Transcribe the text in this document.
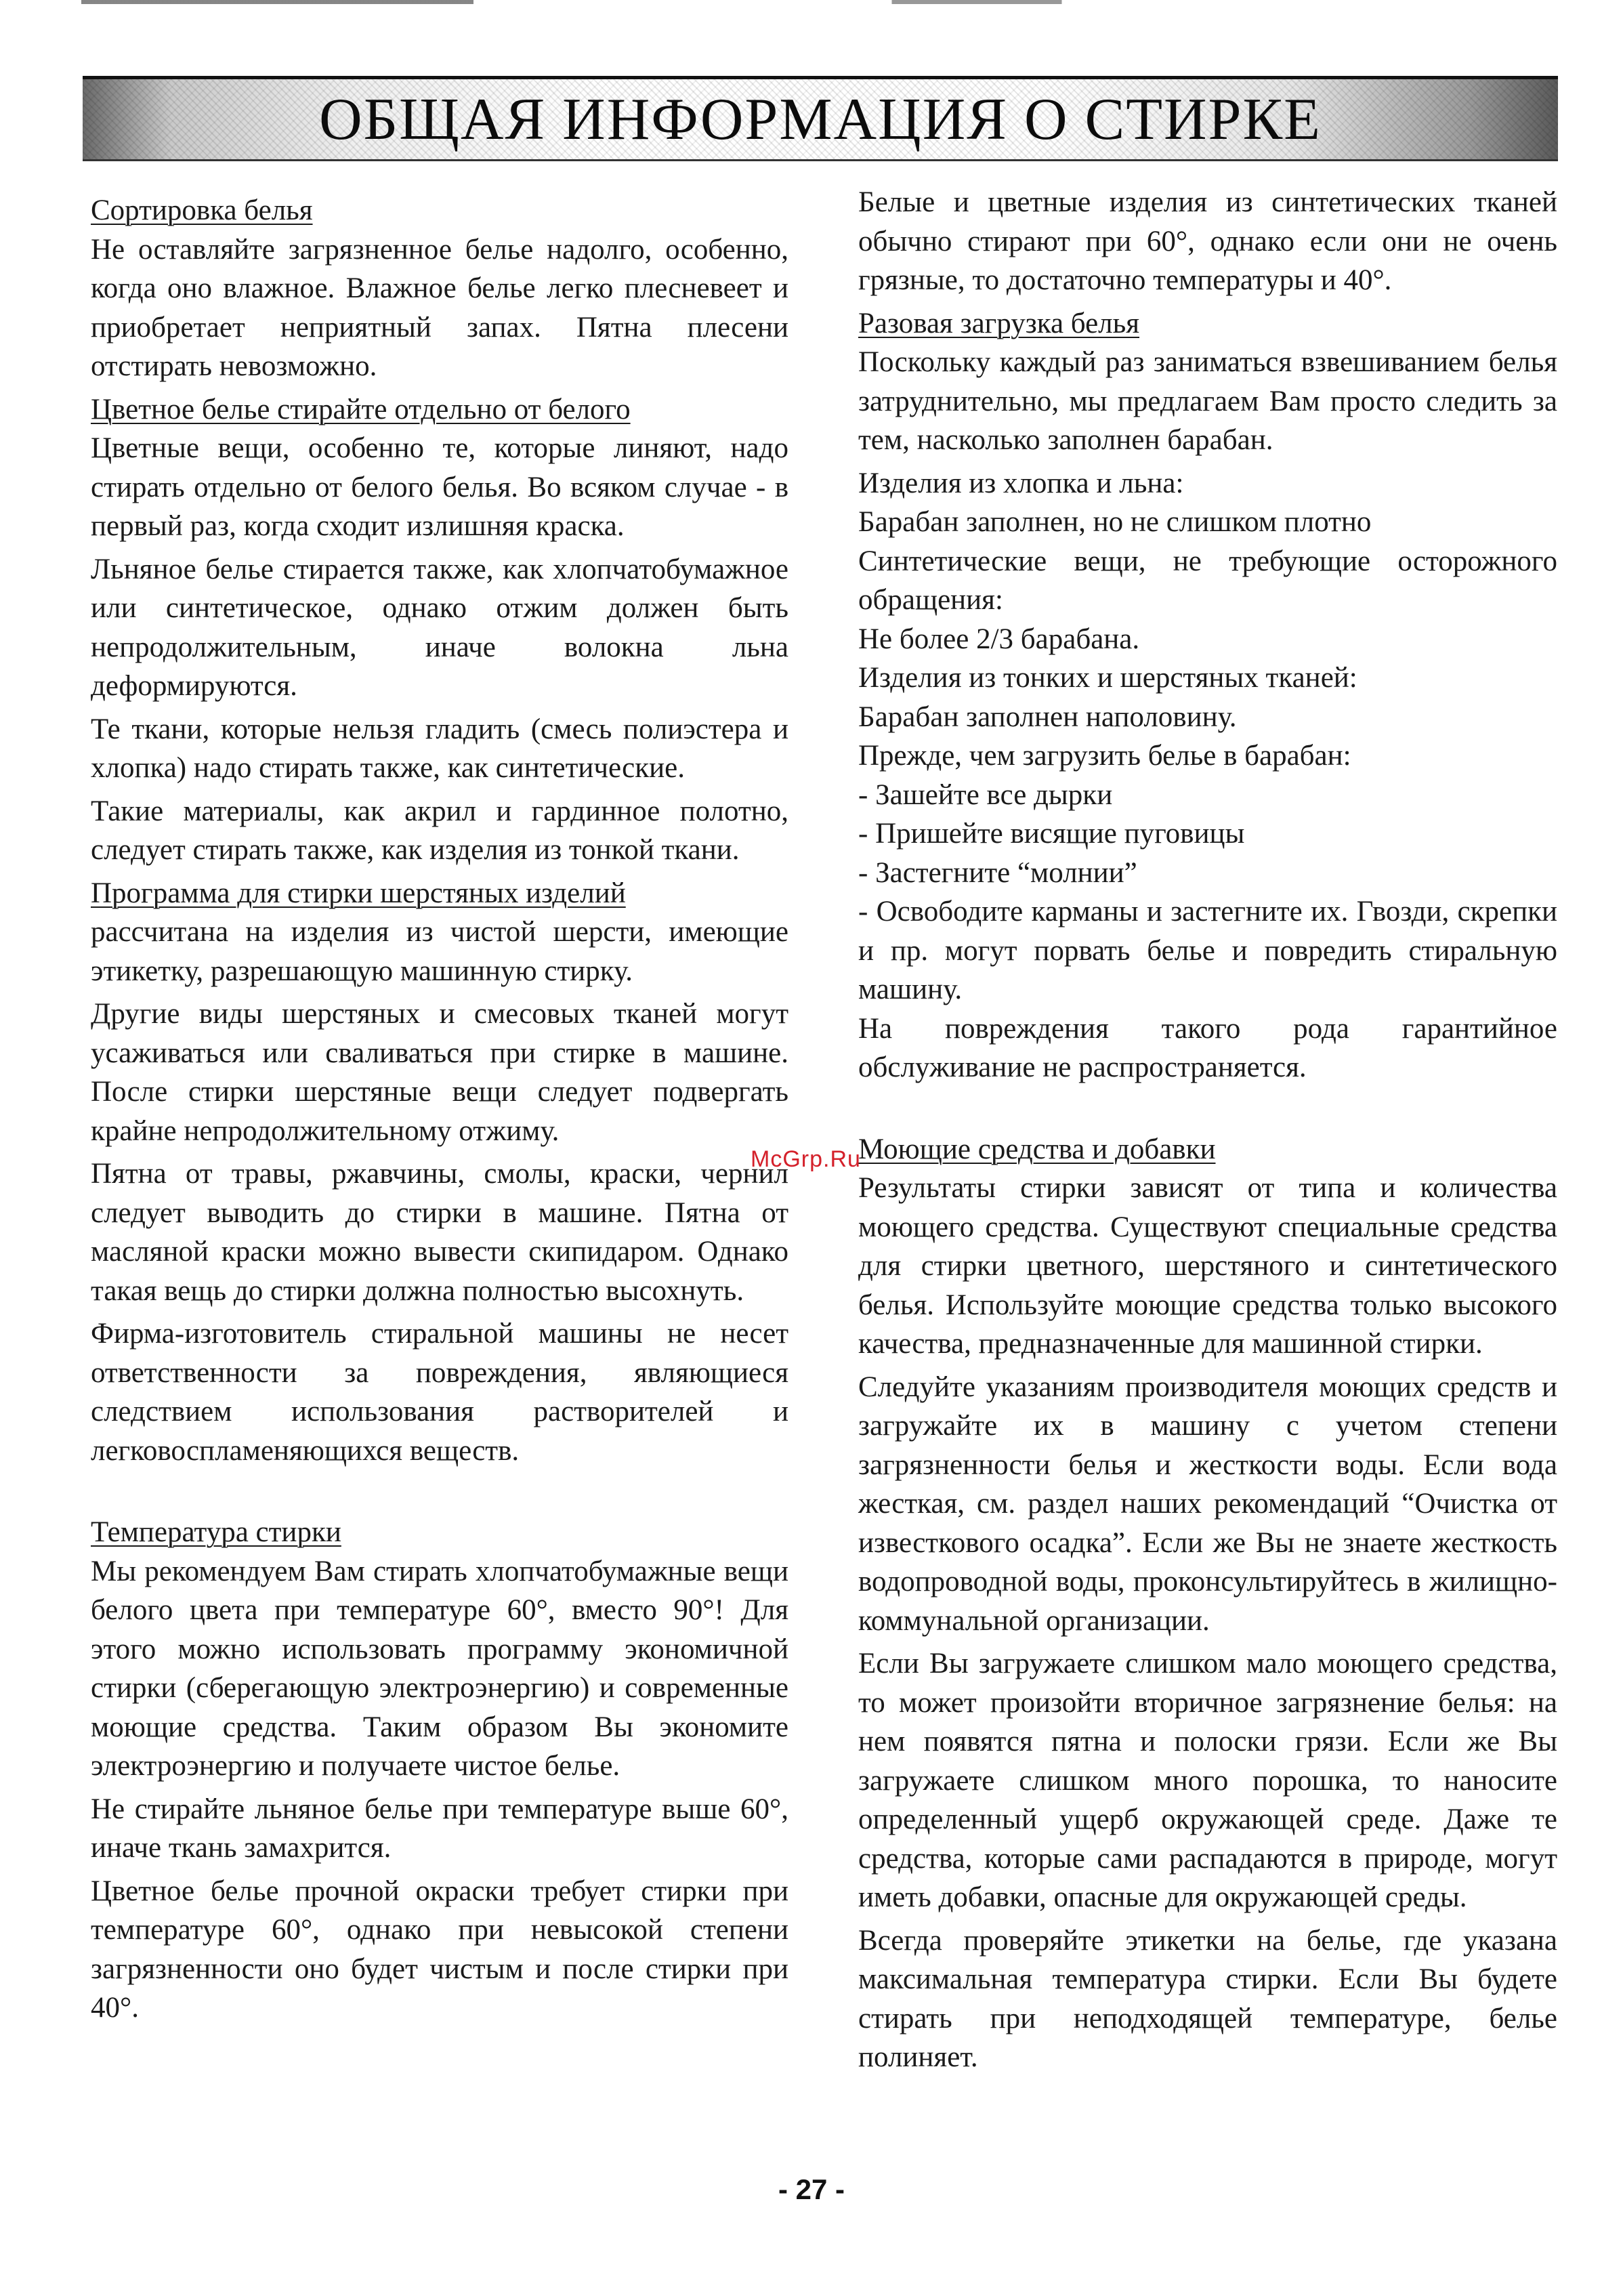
ОБЩАЯ ИНФОРМАЦИЯ О СТИРКЕ

Сортировка белья

Не оставляйте загрязненное белье надолго, особенно, когда оно влажное. Влажное белье легко плесневеет и приобретает неприятный запах. Пятна плесени отстирать невозможно.

Цветное белье стирайте отдельно от белого

Цветные вещи, особенно те, которые линяют, надо стирать отдельно от белого белья. Во всяком случае - в первый раз, когда сходит излишняя краска.

Льняное белье стирается также, как хлопчатобумажное или синтетическое, однако отжим должен быть непродолжительным, иначе волокна льна деформируются.

Те ткани, которые нельзя гладить (смесь полиэстера и хлопка) надо стирать также, как синтетические.

Такие материалы, как акрил и гардинное полотно, следует стирать также, как изделия из тонкой ткани.

Программа для стирки шерстяных изделий

рассчитана на изделия из чистой шерсти, имеющие этикетку, разрешающую машинную стирку.

Другие виды шерстяных и смесовых тканей могут усаживаться или сваливаться при стирке в машине. После стирки шерстяные вещи следует подвергать крайне непродолжительному отжиму.

Пятна от травы, ржавчины, смолы, краски, чернил следует выводить до стирки в машине. Пятна от масляной краски можно вывести скипидаром. Однако такая вещь до стирки должна полностью высохнуть.

Фирма-изготовитель стиральной машины не несет ответственности за повреждения, являющиеся следствием использования растворителей и легковоспламеняющихся веществ.

Температура стирки

Мы рекомендуем Вам стирать хлопчатобумажные вещи белого цвета при температуре 60°, вместо 90°! Для этого можно использовать программу экономичной стирки (сберегающую электроэнергию) и современные моющие средства. Таким образом Вы экономите электроэнергию и получаете чистое белье.

Не стирайте льняное белье при температуре выше 60°, иначе ткань замахрится.

Цветное белье прочной окраски требует стирки при температуре 60°, однако при невысокой степени загрязненности оно будет чистым и после стирки при 40°.

Белые и цветные изделия из синтетических тканей обычно стирают при 60°, однако если они не очень грязные, то достаточно температуры и 40°.

Разовая загрузка белья

Поскольку каждый раз заниматься взвешиванием белья затруднительно, мы предлагаем Вам просто следить за тем, насколько заполнен барабан.

Изделия из хлопка и льна:

Барабан заполнен, но не слишком плотно

Синтетические вещи, не требующие осторожного обращения:

Не более 2/3 барабана.

Изделия из тонких и шерстяных тканей:

Барабан заполнен наполовину.

Прежде, чем загрузить белье в барабан:

- Зашейте все дырки
- Пришейте висящие пуговицы
- Застегните “молнии”
- Освободите карманы и застегните их. Гвозди, скрепки и пр. могут порвать белье и повредить стиральную машину.

На повреждения такого рода гарантийное обслуживание не распространяется.

Моющие средства и добавки

Результаты стирки зависят от типа и количества моющего средства. Существуют специальные средства для стирки цветного, шерстяного и синтетического белья. Используйте моющие средства только высокого качества, предназначенные для машинной стирки.

Следуйте указаниям производителя моющих средств и загружайте их в машину с учетом степени загрязненности белья и жесткости воды. Если вода жесткая, см. раздел наших рекомендаций “Очистка от известкового осадка”. Если же Вы не знаете жесткость водопроводной воды, проконсультируйтесь в жилищно-коммунальной организации.

Если Вы загружаете слишком мало моющего средства, то может произойти вторичное загрязнение белья: на нем появятся пятна и полоски грязи. Если же Вы загружаете слишком много порошка, то наносите определенный ущерб окружающей среде. Даже те средства, которые сами распадаются в природе, могут иметь добавки, опасные для окружающей среды.

Всегда проверяйте этикетки на белье, где указана максимальная температура стирки. Если Вы будете стирать при неподходящей температуре, белье полиняет.

McGrp.Ru
- 27 -
